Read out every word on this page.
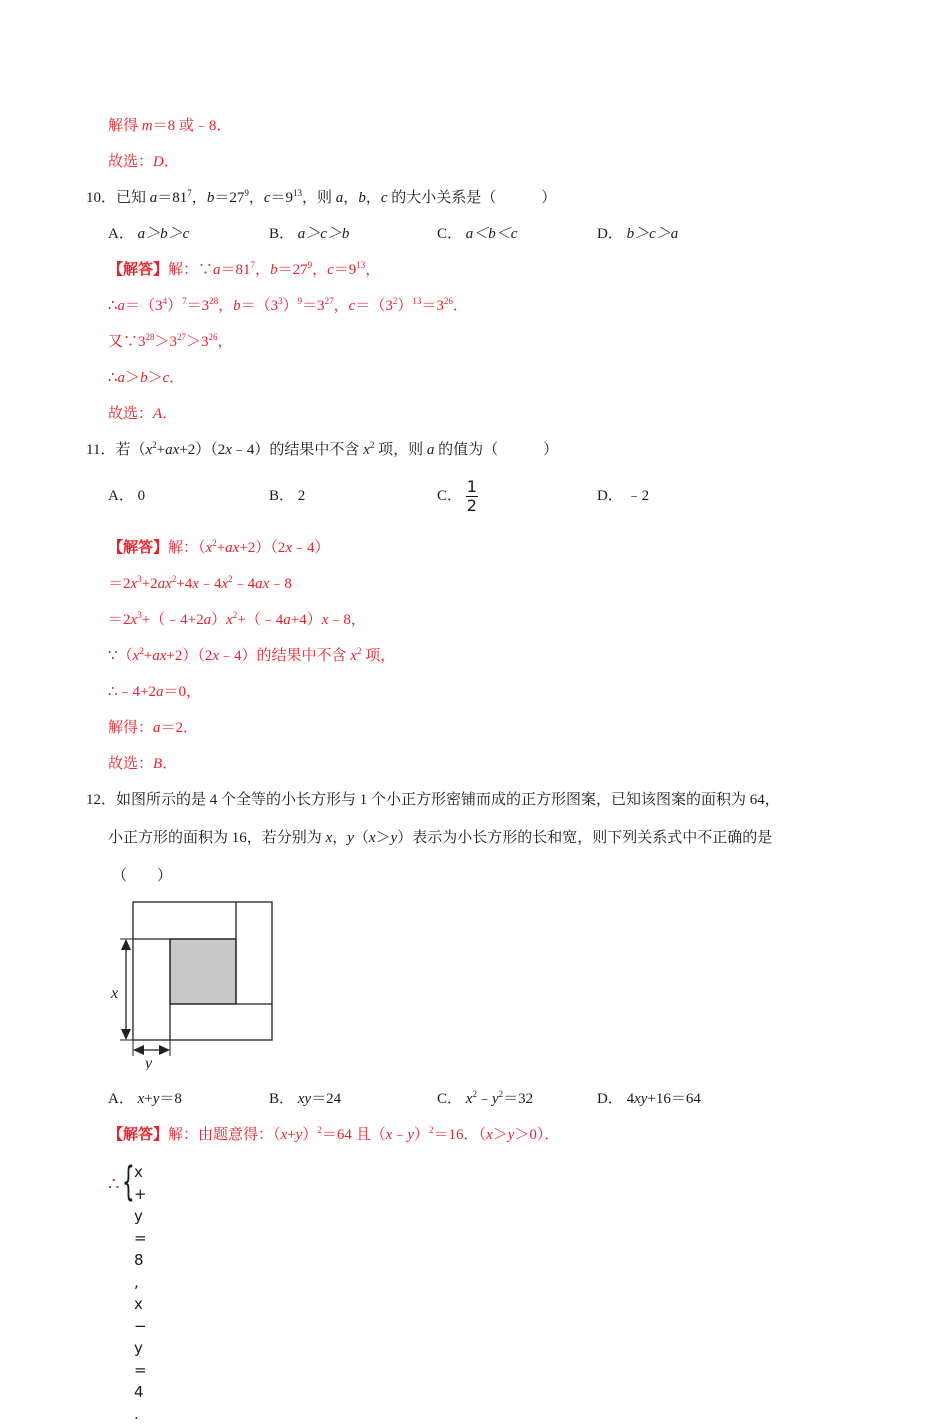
解得 m＝8 或﹣8．
故选：D．
10．已知 $a=81^7$，$b=27^9$，$c=9^{13}$，则 a，b，c 的大小关系是（　　　）
A． a＞b＞c	B． a＞c＞b	C． a＜b＜c	D． b＞c＞a
【解答】解：$\because a=81^7$，$b=27^9$，$c=9^{13}$，
$\therefore a=(3^4)^7=3^{28}$，$b=(3^3)^9=3^{27}$，$c=(3^2)^{13}=3^{26}$．
又$\because 3^{28}>3^{27}>3^{26}$，
∴a＞b＞c．
故选：A．
11．若$(x^2+ax+2)(2x﹣4)$的结果中不含 $x^2$ 项，则 a 的值为（　　　）
A． 0	B． 2	C． $\frac{1}{2}$	D． ﹣2
【解答】解：$(x^2+ax+2)(2x﹣4)$
$=2x^3+2ax^2+4x﹣4x^2﹣4ax﹣8$
$=2x^3+(﹣4+2a)x^2+(﹣4a+4)x﹣8$，
$\because(x^2+ax+2)(2x﹣4)$的结果中不含 $x^2$ 项，
∴﹣4+2a＝0，
解得：a＝2．
故选：B．
12．如图所示的是 4 个全等的小长方形与 1 个小正方形密铺而成的正方形图案，已知该图案的面积为 64，
小正方形的面积为 16，若分别为 x，y（x＞y）表示为小长方形的长和宽，则下列关系式中不正确的是
（　　）
x
y
A． x+y＝8	B． xy＝24	C． $x^2﹣y^2=32$	D． 4xy+16＝64
【解答】解：由题意得：$(x+y)^2=64$ 且（x﹣y）$^2$＝16．（x＞y＞0）．
∴ { x + y = 8 ,
x − y = 4 .
